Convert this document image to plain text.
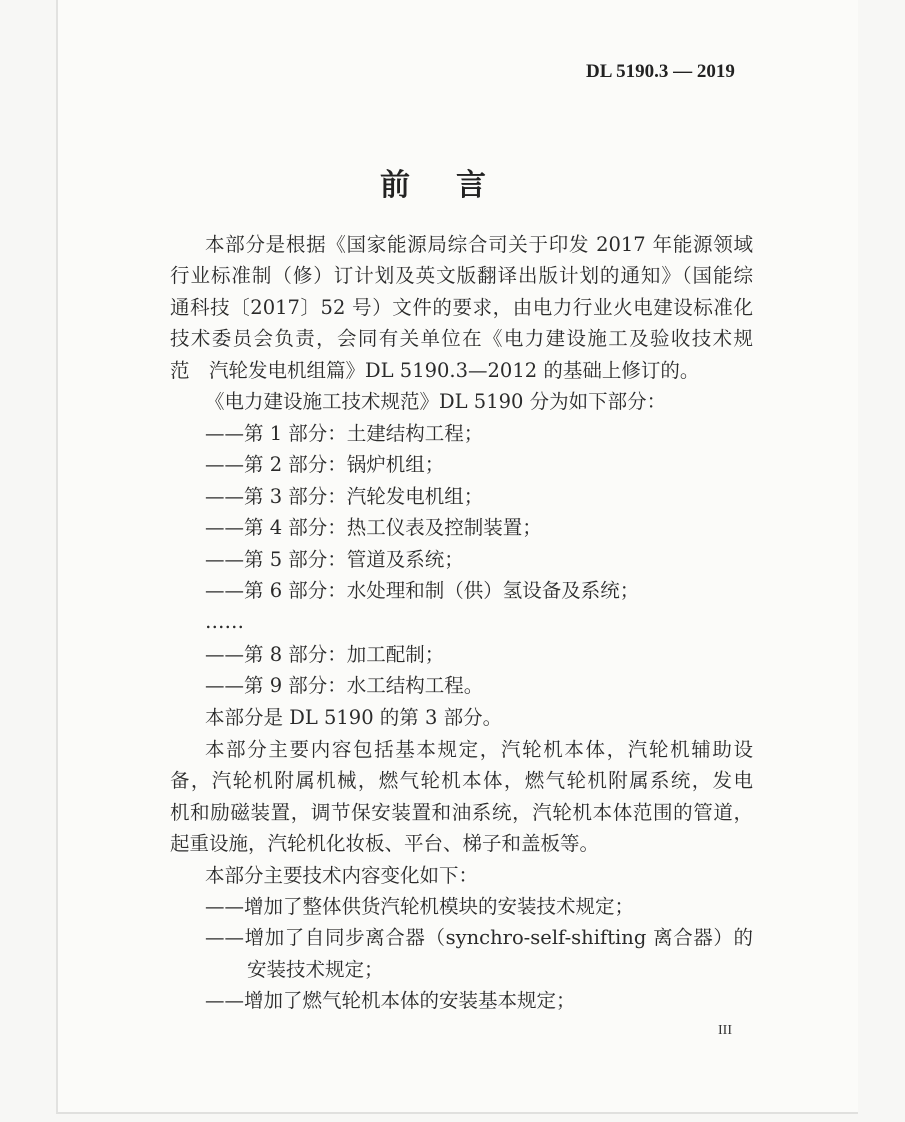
DL 5190.3 — 2019
前言
本部分是根据《国家能源局综合司关于印发 2017 年能源领域
行业标准制（修）订计划及英文版翻译出版计划的通知》（国能综
通科技〔2017〕52 号）文件的要求，由电力行业火电建设标准化
技术委员会负责，会同有关单位在《电力建设施工及验收技术规
范　汽轮发电机组篇》DL 5190.3—2012 的基础上修订的。
《电力建设施工技术规范》DL 5190 分为如下部分：
——第 1 部分：土建结构工程；
——第 2 部分：锅炉机组；
——第 3 部分：汽轮发电机组；
——第 4 部分：热工仪表及控制装置；
——第 5 部分：管道及系统；
——第 6 部分：水处理和制（供）氢设备及系统；
……
——第 8 部分：加工配制；
——第 9 部分：水工结构工程。
本部分是 DL 5190 的第 3 部分。
本部分主要内容包括基本规定，汽轮机本体，汽轮机辅助设
备，汽轮机附属机械，燃气轮机本体，燃气轮机附属系统，发电
机和励磁装置，调节保安装置和油系统，汽轮机本体范围的管道，
起重设施，汽轮机化妆板、平台、梯子和盖板等。
本部分主要技术内容变化如下：
——增加了整体供货汽轮机模块的安装技术规定；
——增加了自同步离合器（synchro-self-shifting 离合器）的
安装技术规定；
——增加了燃气轮机本体的安装基本规定；
III
